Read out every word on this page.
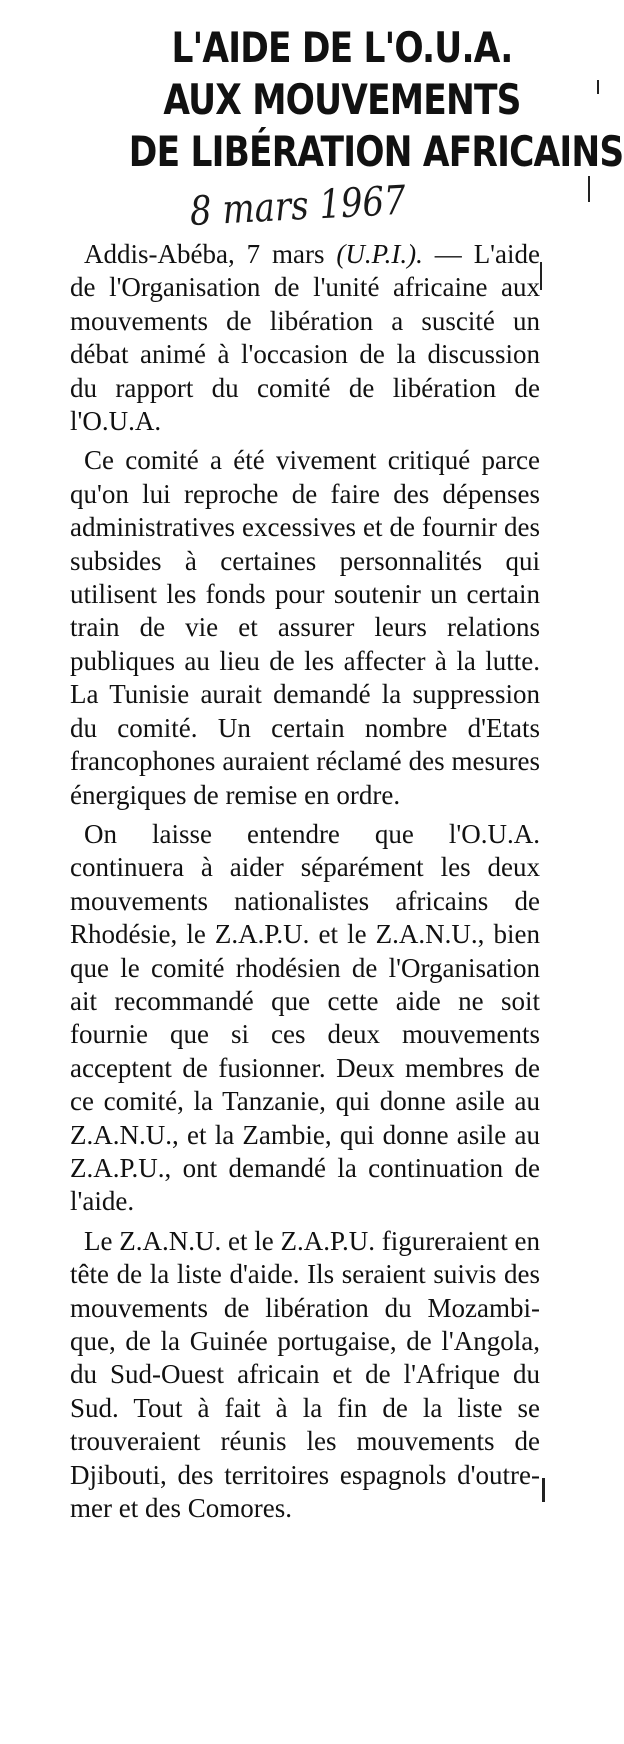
L'AIDE DE L'O.U.A.
AUX MOUVEMENTS
DE LIBÉRATION AFRICAINS
8 mars 1967

Addis-Abéba, 7 mars (U.P.I.). — L'aide de l'Organisation de l'unité africaine aux mouvements de libération a suscité un débat animé à l'occasion de la discussion du rapport du comité de libération de l'O.U.A.

Ce comité a été vivement critiqué parce qu'on lui reproche de faire des dépenses administratives excessives et de fournir des subsides à certaines personnalités qui utilisent les fonds pour soutenir un certain train de vie et assurer leurs relations publiques au lieu de les affecter à la lutte. La Tunisie aurait demandé la suppression du comité. Un certain nombre d'Etats francophones auraient réclamé des mesures énergiques de remise en ordre.

On laisse entendre que l'O.U.A. continuera à aider séparément les deux mouvements nationalistes africains de Rhodésie, le Z.A.P.U. et le Z.A.N.U., bien que le comité rhodésien de l'Organisation ait recommandé que cette aide ne soit fournie que si ces deux mouvements acceptent de fusionner. Deux membres de ce comité, la Tanzanie, qui donne asile au Z.A.N.U., et la Zambie, qui donne asile au Z.A.P.U., ont demandé la continuation de l'aide.

Le Z.A.N.U. et le Z.A.P.U. figureraient en tête de la liste d'aide. Ils seraient suivis des mouvements de libération du Mozambique, de la Guinée portugaise, de l'Angola, du Sud-Ouest africain et de l'Afrique du Sud. Tout à fait à la fin de la liste se trouveraient réunis les mouvements de Djibouti, des territoires espagnols d'outre-mer et des Comores.
